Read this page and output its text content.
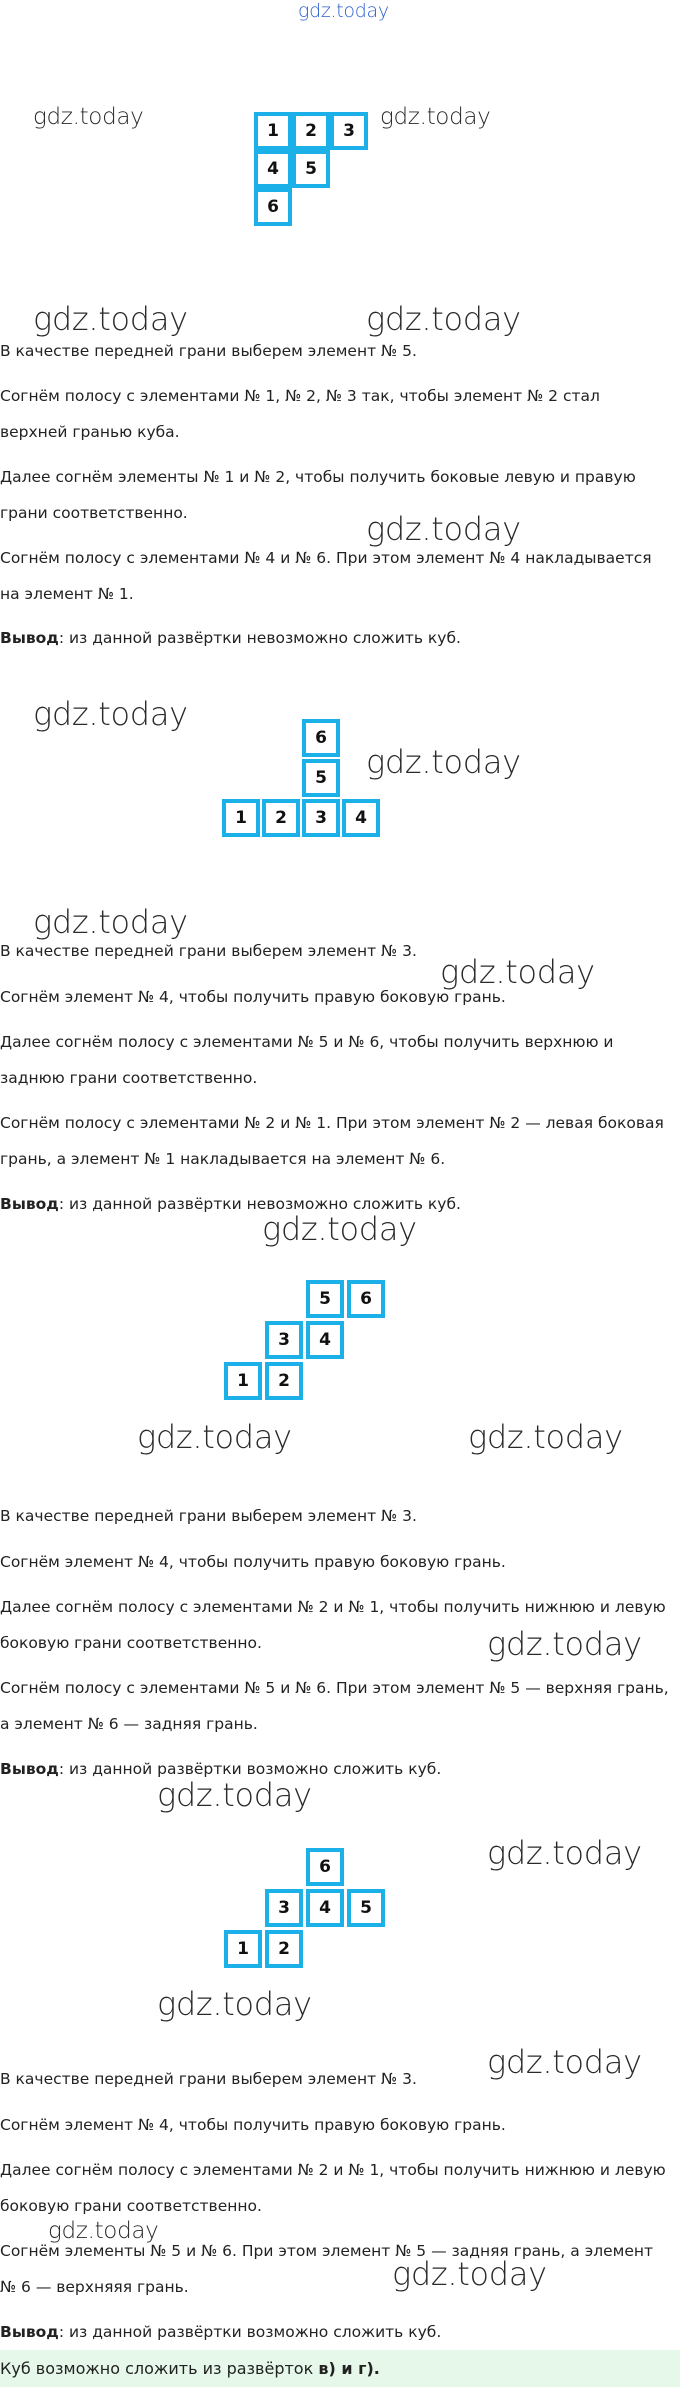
gdz.today
gdz.today	gdz.today
gdz.today	gdz.today
gdz.today
gdz.today
gdz.today
gdz.today
gdz.today
gdz.today
gdz.today	gdz.today
gdz.today
gdz.today
gdz.today
gdz.today
gdz.today
gdz.today
gdz.today
1	2	3
4	5
6

В качестве передней грани выберем элемент № 5.

Согнём полосу с элементами № 1, № 2, № 3 так, чтобы элемент № 2 стал верхней гранью куба.

Далее согнём элементы № 1 и № 2, чтобы получить боковые левую и правую грани соответственно.

Согнём полосу с элементами № 4 и № 6. При этом элемент № 4 накладывается на элемент № 1.

Вывод: из данной развёртки невозможно сложить куб.

6
5
1	2	3	4

В качестве передней грани выберем элемент № 3.

Согнём элемент № 4, чтобы получить правую боковую грань.

Далее согнём полосу с элементами № 5 и № 6, чтобы получить верхнюю и заднюю грани соответственно.

Согнём полосу с элементами № 2 и № 1. При этом элемент № 2 — левая боковая грань, а элемент № 1 накладывается на элемент № 6.

Вывод: из данной развёртки невозможно сложить куб.

5	6
3	4
1	2

В качестве передней грани выберем элемент № 3.

Согнём элемент № 4, чтобы получить правую боковую грань.

Далее согнём полосу с элементами № 2 и № 1, чтобы получить нижнюю и левую боковую грани соответственно.

Согнём полосу с элементами № 5 и № 6. При этом элемент № 5 — верхняя грань, а элемент № 6 — задняя грань.

Вывод: из данной развёртки возможно сложить куб.

6
3	4	5
1	2

В качестве передней грани выберем элемент № 3.

Согнём элемент № 4, чтобы получить правую боковую грань.

Далее согнём полосу с элементами № 2 и № 1, чтобы получить нижнюю и левую боковую грани соответственно.

Согнём элементы № 5 и № 6. При этом элемент № 5 — задняя грань, а элемент № 6 — верхняяя грань.

Вывод: из данной развёртки возможно сложить куб.

Куб возможно сложить из развёрток в) и г).
